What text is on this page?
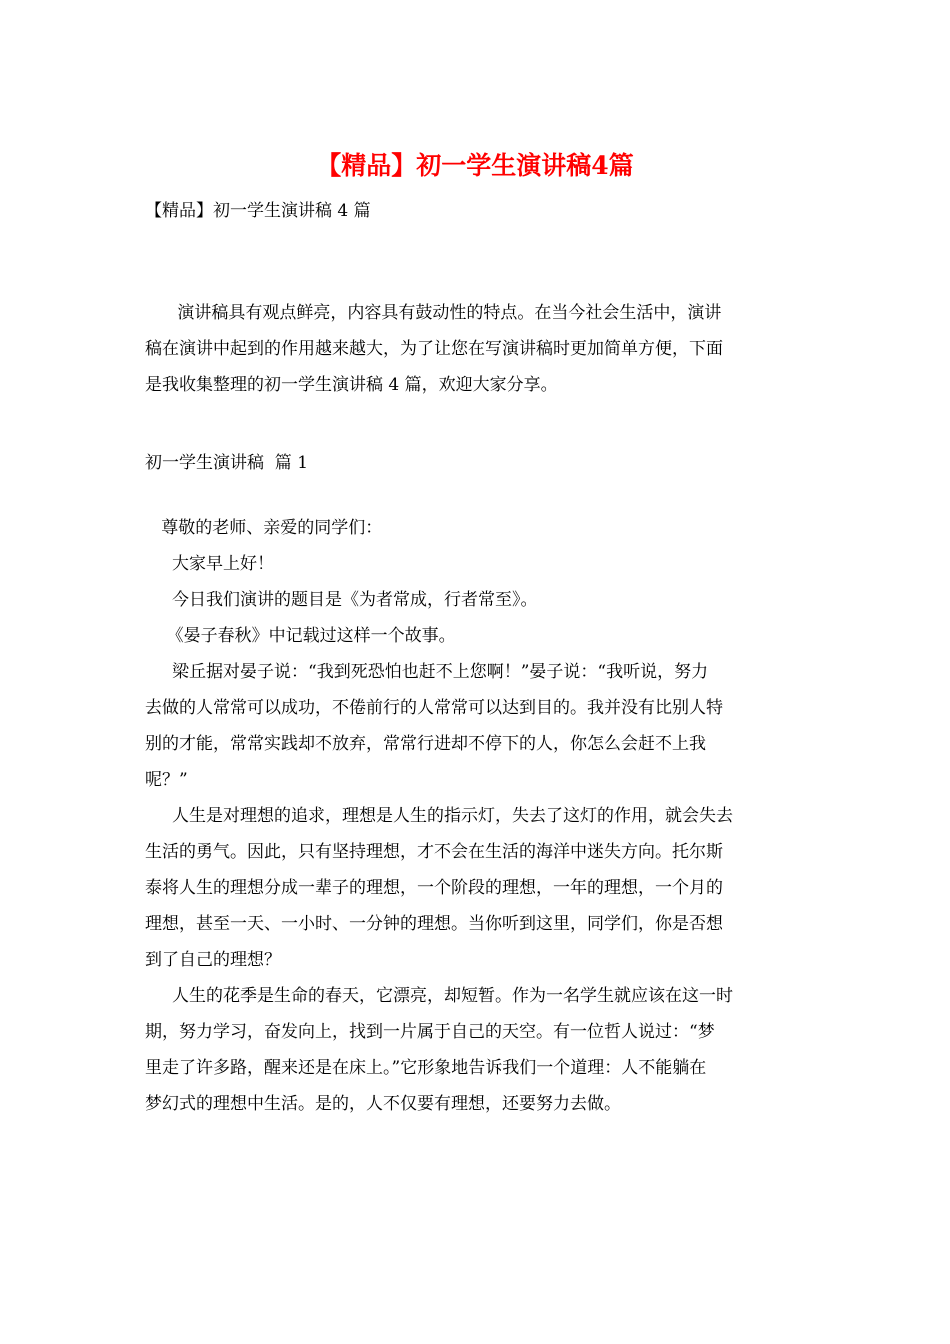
【精品】初一学生演讲稿4篇
【精品】初一学生演讲稿 4 篇
演讲稿具有观点鲜亮，内容具有鼓动性的特点。在当今社会生活中，演讲
稿在演讲中起到的作用越来越大，为了让您在写演讲稿时更加简单方便，下面
是我收集整理的初一学生演讲稿 4 篇，欢迎大家分享。
初一学生演讲稿  篇 1
尊敬的老师、亲爱的同学们：
大家早上好！
今日我们演讲的题目是《为者常成，行者常至》。
《晏子春秋》中记载过这样一个故事。
梁丘据对晏子说：“我到死恐怕也赶不上您啊！”晏子说：“我听说，努力
去做的人常常可以成功，不倦前行的人常常可以达到目的。我并没有比别人特
别的才能，常常实践却不放弃，常常行进却不停下的人，你怎么会赶不上我
呢？”
人生是对理想的追求，理想是人生的指示灯，失去了这灯的作用，就会失去
生活的勇气。因此，只有坚持理想，才不会在生活的海洋中迷失方向。托尔斯
泰将人生的理想分成一辈子的理想，一个阶段的理想，一年的理想，一个月的
理想，甚至一天、一小时、一分钟的理想。当你听到这里，同学们，你是否想
到了自己的理想？
人生的花季是生命的春天，它漂亮，却短暂。作为一名学生就应该在这一时
期，努力学习，奋发向上，找到一片属于自己的天空。有一位哲人说过：“梦
里走了许多路，醒来还是在床上。”它形象地告诉我们一个道理：人不能躺在
梦幻式的理想中生活。是的，人不仅要有理想，还要努力去做。
